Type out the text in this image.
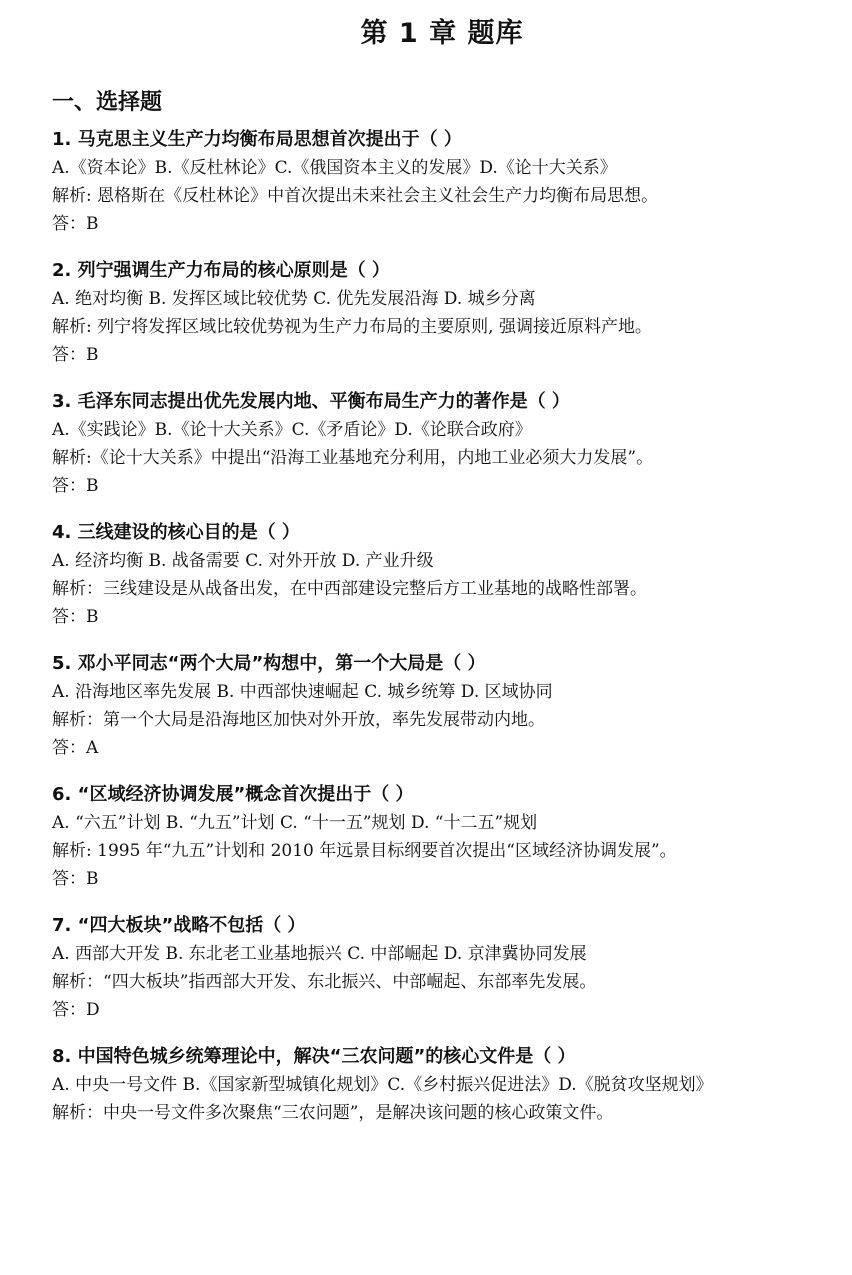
第 1 章 题库
一、选择题
1. 马克思主义生产力均衡布局思想首次提出于（ ）
A.《资本论》B.《反杜林论》C.《俄国资本主义的发展》D.《论十大关系》
解析: 恩格斯在《反杜林论》中首次提出未来社会主义社会生产力均衡布局思想。
答：B
2. 列宁强调生产力布局的核心原则是（ ）
A. 绝对均衡 B. 发挥区域比较优势 C. 优先发展沿海 D. 城乡分离
解析: 列宁将发挥区域比较优势视为生产力布局的主要原则, 强调接近原料产地。
答：B
3. 毛泽东同志提出优先发展内地、平衡布局生产力的著作是（ ）
A.《实践论》B.《论十大关系》C.《矛盾论》D.《论联合政府》
解析:《论十大关系》中提出“沿海工业基地充分利用，内地工业必须大力发展”。
答：B
4. 三线建设的核心目的是（ ）
A. 经济均衡 B. 战备需要 C. 对外开放 D. 产业升级
解析：三线建设是从战备出发，在中西部建设完整后方工业基地的战略性部署。
答：B
5. 邓小平同志“两个大局”构想中，第一个大局是（ ）
A. 沿海地区率先发展 B. 中西部快速崛起 C. 城乡统筹 D. 区域协同
解析：第一个大局是沿海地区加快对外开放，率先发展带动内地。
答：A
6. “区域经济协调发展”概念首次提出于（ ）
A. “六五”计划 B. “九五”计划 C. “十一五”规划 D. “十二五”规划
解析: 1995 年“九五”计划和 2010 年远景目标纲要首次提出“区域经济协调发展”。
答：B
7. “四大板块”战略不包括（ ）
A. 西部大开发 B. 东北老工业基地振兴 C. 中部崛起 D. 京津冀协同发展
解析：“四大板块”指西部大开发、东北振兴、中部崛起、东部率先发展。
答：D
8. 中国特色城乡统筹理论中，解决“三农问题”的核心文件是（ ）
A. 中央一号文件 B.《国家新型城镇化规划》C.《乡村振兴促进法》D.《脱贫攻坚规划》
解析：中央一号文件多次聚焦“三农问题”，是解决该问题的核心政策文件。
